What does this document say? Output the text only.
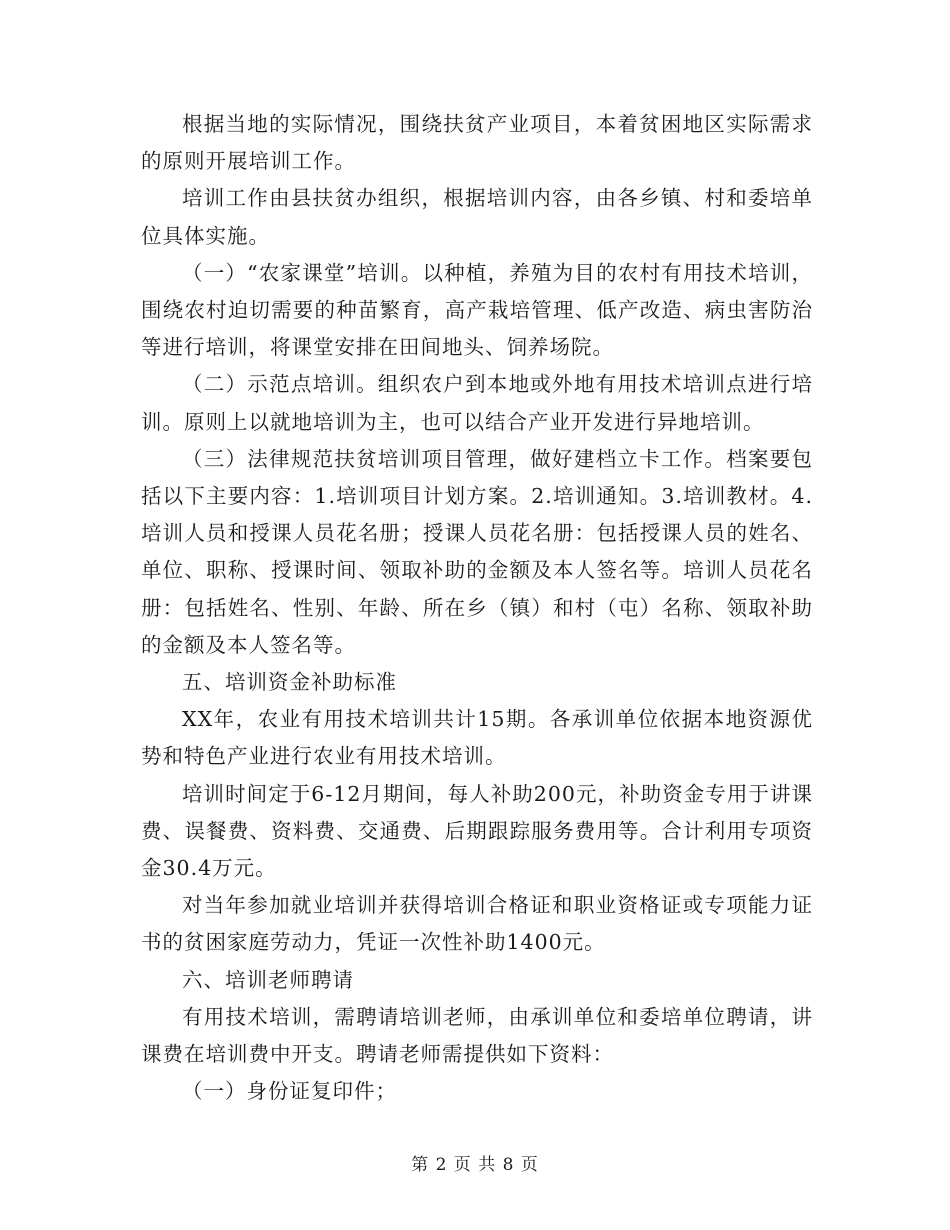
根据当地的实际情况，围绕扶贫产业项目，本着贫困地区实际需求的原则开展培训工作。

培训工作由县扶贫办组织，根据培训内容，由各乡镇、村和委培单位具体实施。

（一）“农家课堂”培训。以种植，养殖为目的农村有用技术培训，围绕农村迫切需要的种苗繁育，高产栽培管理、低产改造、病虫害防治等进行培训，将课堂安排在田间地头、饲养场院。

（二）示范点培训。组织农户到本地或外地有用技术培训点进行培训。原则上以就地培训为主，也可以结合产业开发进行异地培训。

（三）法律规范扶贫培训项目管理，做好建档立卡工作。档案要包括以下主要内容：1.培训项目计划方案。2.培训通知。3.培训教材。4.培训人员和授课人员花名册；授课人员花名册：包括授课人员的姓名、单位、职称、授课时间、领取补助的金额及本人签名等。培训人员花名册：包括姓名、性别、年龄、所在乡（镇）和村（屯）名称、领取补助的金额及本人签名等。

五、培训资金补助标准

XX年，农业有用技术培训共计15期。各承训单位依据本地资源优势和特色产业进行农业有用技术培训。

培训时间定于6-12月期间，每人补助200元，补助资金专用于讲课费、误餐费、资料费、交通费、后期跟踪服务费用等。合计利用专项资金30.4万元。

对当年参加就业培训并获得培训合格证和职业资格证或专项能力证书的贫困家庭劳动力，凭证一次性补助1400元。

六、培训老师聘请

有用技术培训，需聘请培训老师，由承训单位和委培单位聘请，讲课费在培训费中开支。聘请老师需提供如下资料：

（一）身份证复印件；

第 2 页 共 8 页
